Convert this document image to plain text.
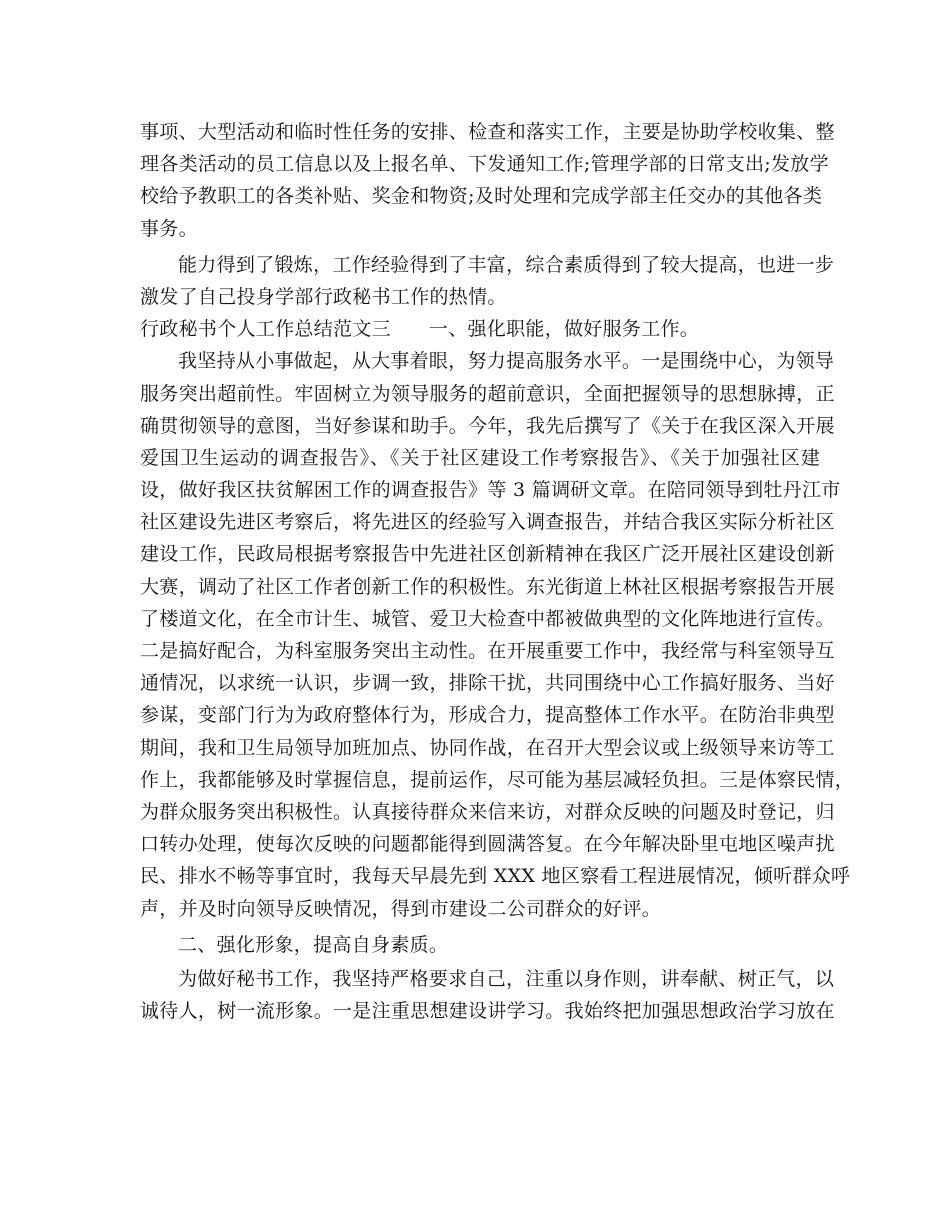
事项、大型活动和临时性任务的安排、检查和落实工作，主要是协助学校收集、整
理各类活动的员工信息以及上报名单、下发通知工作;管理学部的日常支出;发放学
校给予教职工的各类补贴、奖金和物资;及时处理和完成学部主任交办的其他各类
事务。
能力得到了锻炼，工作经验得到了丰富，综合素质得到了较大提高，也进一步
激发了自己投身学部行政秘书工作的热情。
行政秘书个人工作总结范文三 一、强化职能，做好服务工作。
我坚持从小事做起，从大事着眼，努力提高服务水平。一是围绕中心，为领导
服务突出超前性。牢固树立为领导服务的超前意识，全面把握领导的思想脉搏，正
确贯彻领导的意图，当好参谋和助手。今年，我先后撰写了《关于在我区深入开展
爱国卫生运动的调查报告》、《关于社区建设工作考察报告》、《关于加强社区建
设，做好我区扶贫解困工作的调查报告》等 3 篇调研文章。在陪同领导到牡丹江市
社区建设先进区考察后，将先进区的经验写入调查报告，并结合我区实际分析社区
建设工作，民政局根据考察报告中先进社区创新精神在我区广泛开展社区建设创新
大赛，调动了社区工作者创新工作的积极性。东光街道上林社区根据考察报告开展
了楼道文化，在全市计生、城管、爱卫大检查中都被做典型的文化阵地进行宣传。
二是搞好配合，为科室服务突出主动性。在开展重要工作中，我经常与科室领导互
通情况，以求统一认识，步调一致，排除干扰，共同围绕中心工作搞好服务、当好
参谋，变部门行为为政府整体行为，形成合力，提高整体工作水平。在防治非典型
期间，我和卫生局领导加班加点、协同作战，在召开大型会议或上级领导来访等工
作上，我都能够及时掌握信息，提前运作，尽可能为基层减轻负担。三是体察民情，
为群众服务突出积极性。认真接待群众来信来访，对群众反映的问题及时登记，归
口转办处理，使每次反映的问题都能得到圆满答复。在今年解决卧里屯地区噪声扰
民、排水不畅等事宜时，我每天早晨先到 XXX 地区察看工程进展情况，倾听群众呼
声，并及时向领导反映情况，得到市建设二公司群众的好评。
二、强化形象，提高自身素质。
为做好秘书工作，我坚持严格要求自己，注重以身作则，讲奉献、树正气，以
诚待人，树一流形象。一是注重思想建设讲学习。我始终把加强思想政治学习放在
